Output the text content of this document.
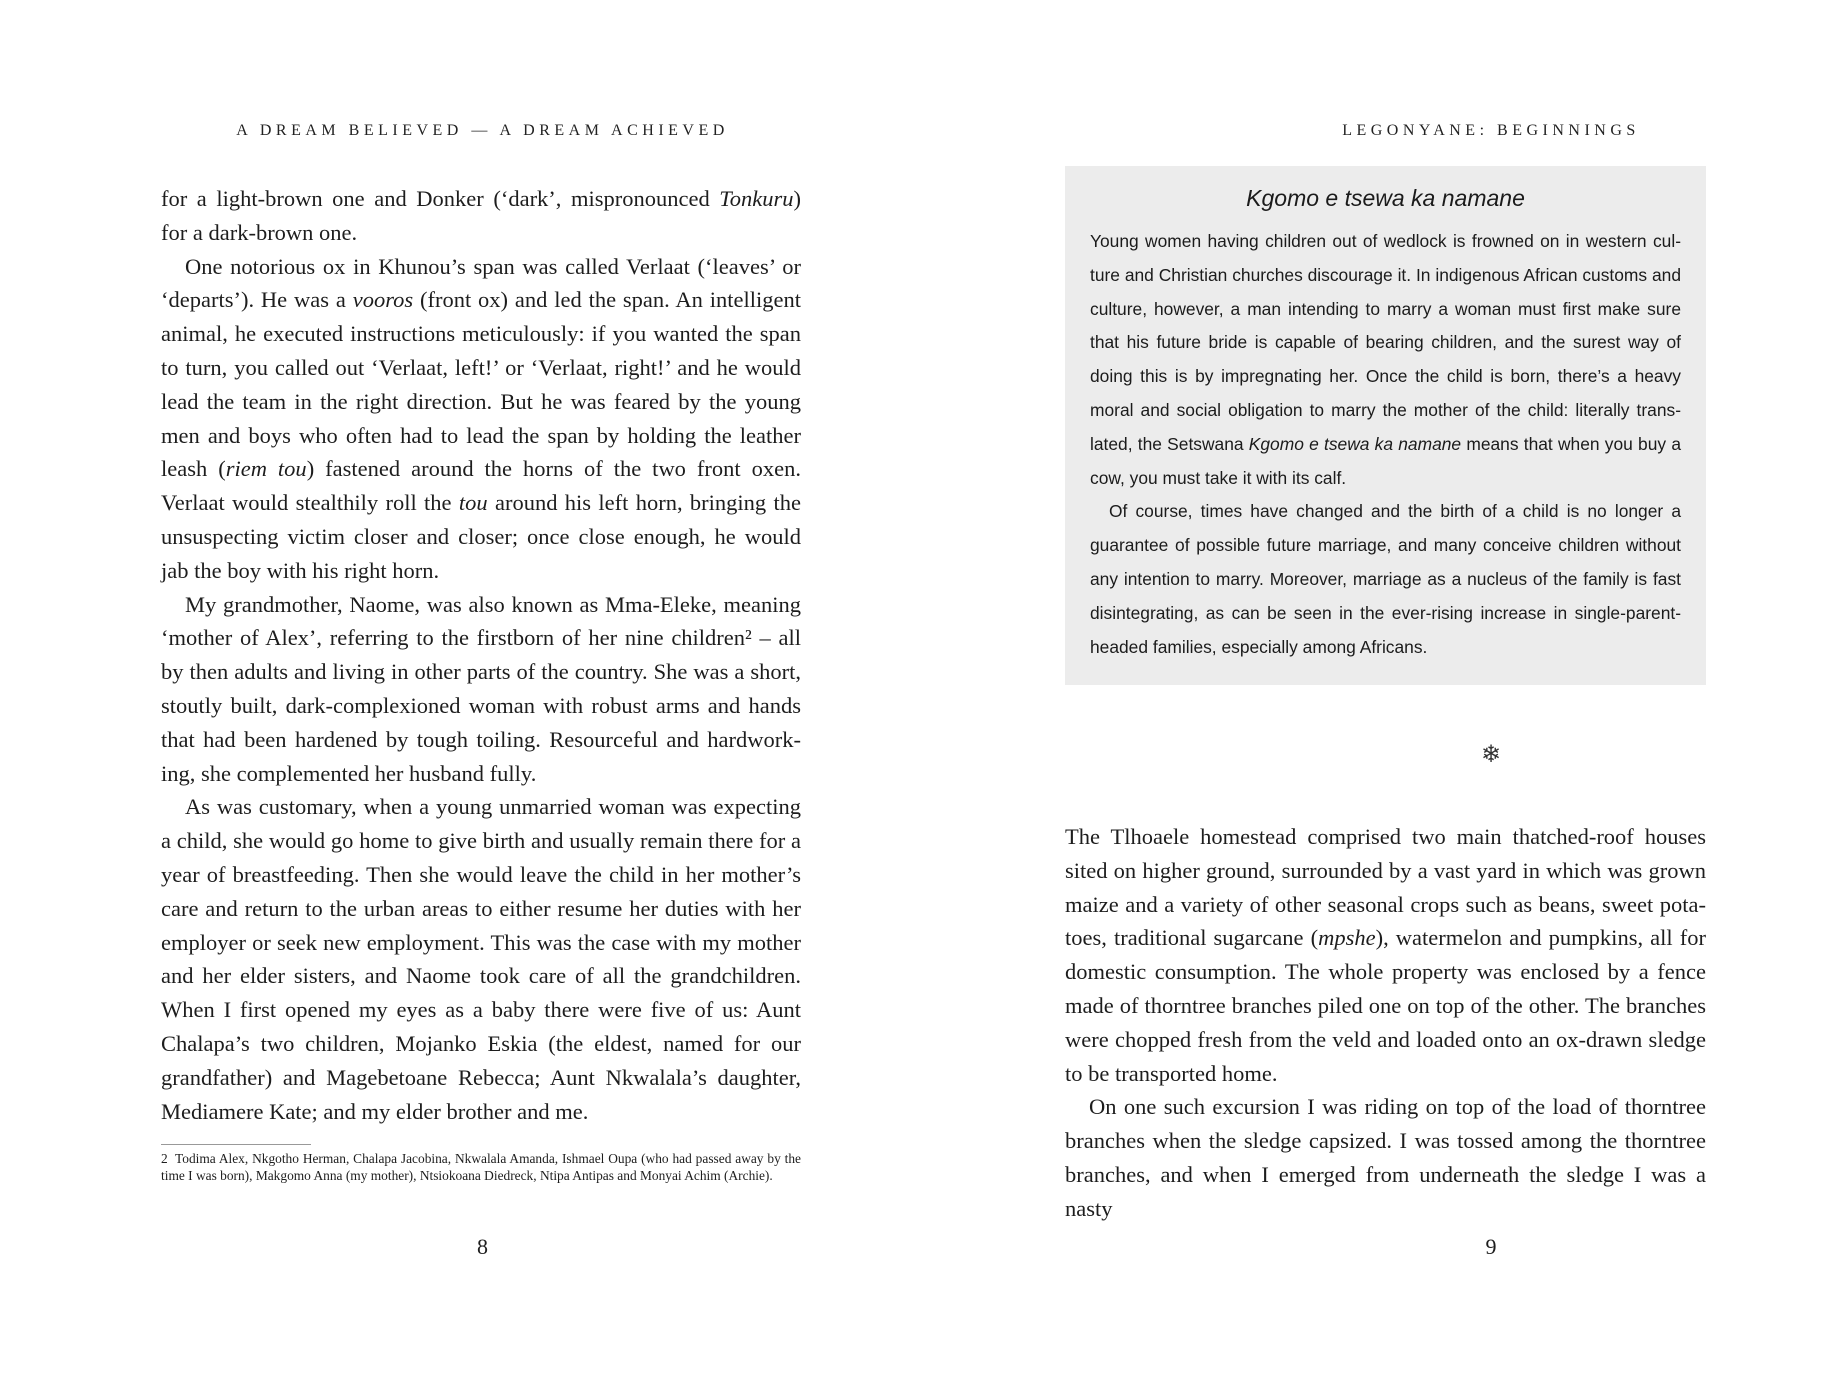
A DREAM BELIEVED — A DREAM ACHIEVED

for a light-brown one and Donker (‘dark’, mispronounced Tonkuru) for a dark-brown one.

One notorious ox in Khunou’s span was called Verlaat (‘leaves’ or ‘departs’). He was a vooros (front ox) and led the span. An intelligent animal, he executed instructions meticulously: if you wanted the span to turn, you called out ‘Verlaat, left!’ or ‘Verlaat, right!’ and he would lead the team in the right direction. But he was feared by the young men and boys who often had to lead the span by holding the leather leash (riem tou) fastened around the horns of the two front oxen. Verlaat would stealthily roll the tou around his left horn, bringing the unsuspecting victim closer and closer; once close enough, he would jab the boy with his right horn.

My grandmother, Naome, was also known as Mma-Eleke, meaning ‘mother of Alex’, referring to the firstborn of her nine children² – all by then adults and living in other parts of the country. She was a short, stoutly built, dark-complexioned woman with robust arms and hands that had been hardened by tough toiling. Resourceful and hardworking, she complemented her husband fully.

As was customary, when a young unmarried woman was expecting a child, she would go home to give birth and usually remain there for a year of breastfeeding. Then she would leave the child in her mother’s care and return to the urban areas to either resume her duties with her employer or seek new employment. This was the case with my mother and her elder sisters, and Naome took care of all the grandchildren. When I first opened my eyes as a baby there were five of us: Aunt Chalapa’s two children, Mojanko Eskia (the eldest, named for our grandfather) and Magebetoane Rebecca; Aunt Nkwalala’s daughter, Mediamere Kate; and my elder brother and me.

2 Todima Alex, Nkgotho Herman, Chalapa Jacobina, Nkwalala Amanda, Ishmael Oupa (who had passed away by the time I was born), Makgomo Anna (my mother), Ntsiokoana Diedreck, Ntipa Antipas and Monyai Achim (Archie).
8
LEGONYANE: BEGINNINGS
Kgomo e tsewa ka namane

Young women having children out of wedlock is frowned on in western culture and Christian churches discourage it. In indigenous African customs and culture, however, a man intending to marry a woman must first make sure that his future bride is capable of bearing children, and the surest way of doing this is by impregnating her. Once the child is born, there’s a heavy moral and social obligation to marry the mother of the child: literally translated, the Setswana Kgomo e tsewa ka namane means that when you buy a cow, you must take it with its calf.

Of course, times have changed and the birth of a child is no longer a guarantee of possible future marriage, and many conceive children without any intention to marry. Moreover, marriage as a nucleus of the family is fast disintegrating, as can be seen in the ever-rising increase in single-parent-headed families, especially among Africans.

❄

The Tlhoaele homestead comprised two main thatched-roof houses sited on higher ground, surrounded by a vast yard in which was grown maize and a variety of other seasonal crops such as beans, sweet potatoes, traditional sugarcane (mpshe), watermelon and pumpkins, all for domestic consumption. The whole property was enclosed by a fence made of thorntree branches piled one on top of the other. The branches were chopped fresh from the veld and loaded onto an ox-drawn sledge to be transported home.

On one such excursion I was riding on top of the load of thorntree branches when the sledge capsized. I was tossed among the thorntree branches, and when I emerged from underneath the sledge I was a nasty

9
